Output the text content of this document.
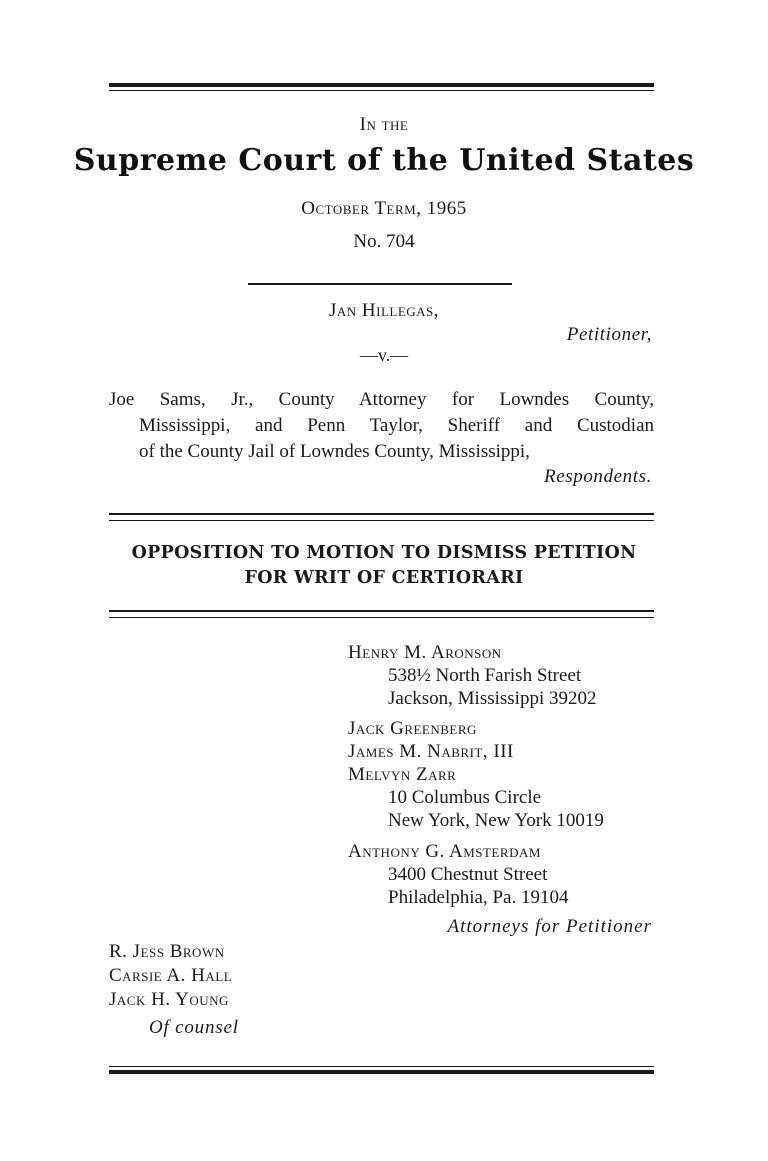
In the
Supreme Court of the United States
October Term, 1965
No. 704
Jan Hillegas,
Petitioner,
—v.—
Joe Sams, Jr., County Attorney for Lowndes County,
Mississippi, and Penn Taylor, Sheriff and Custodian
of the County Jail of Lowndes County, Mississippi,
Respondents.
OPPOSITION TO MOTION TO DISMISS PETITION
FOR WRIT OF CERTIORARI
Henry M. Aronson
538½ North Farish Street
Jackson, Mississippi 39202
Jack Greenberg
James M. Nabrit, III
Melvyn Zarr
10 Columbus Circle
New York, New York 10019
Anthony G. Amsterdam
3400 Chestnut Street
Philadelphia, Pa. 19104
Attorneys for Petitioner
R. Jess Brown
Carsie A. Hall
Jack H. Young
Of counsel
